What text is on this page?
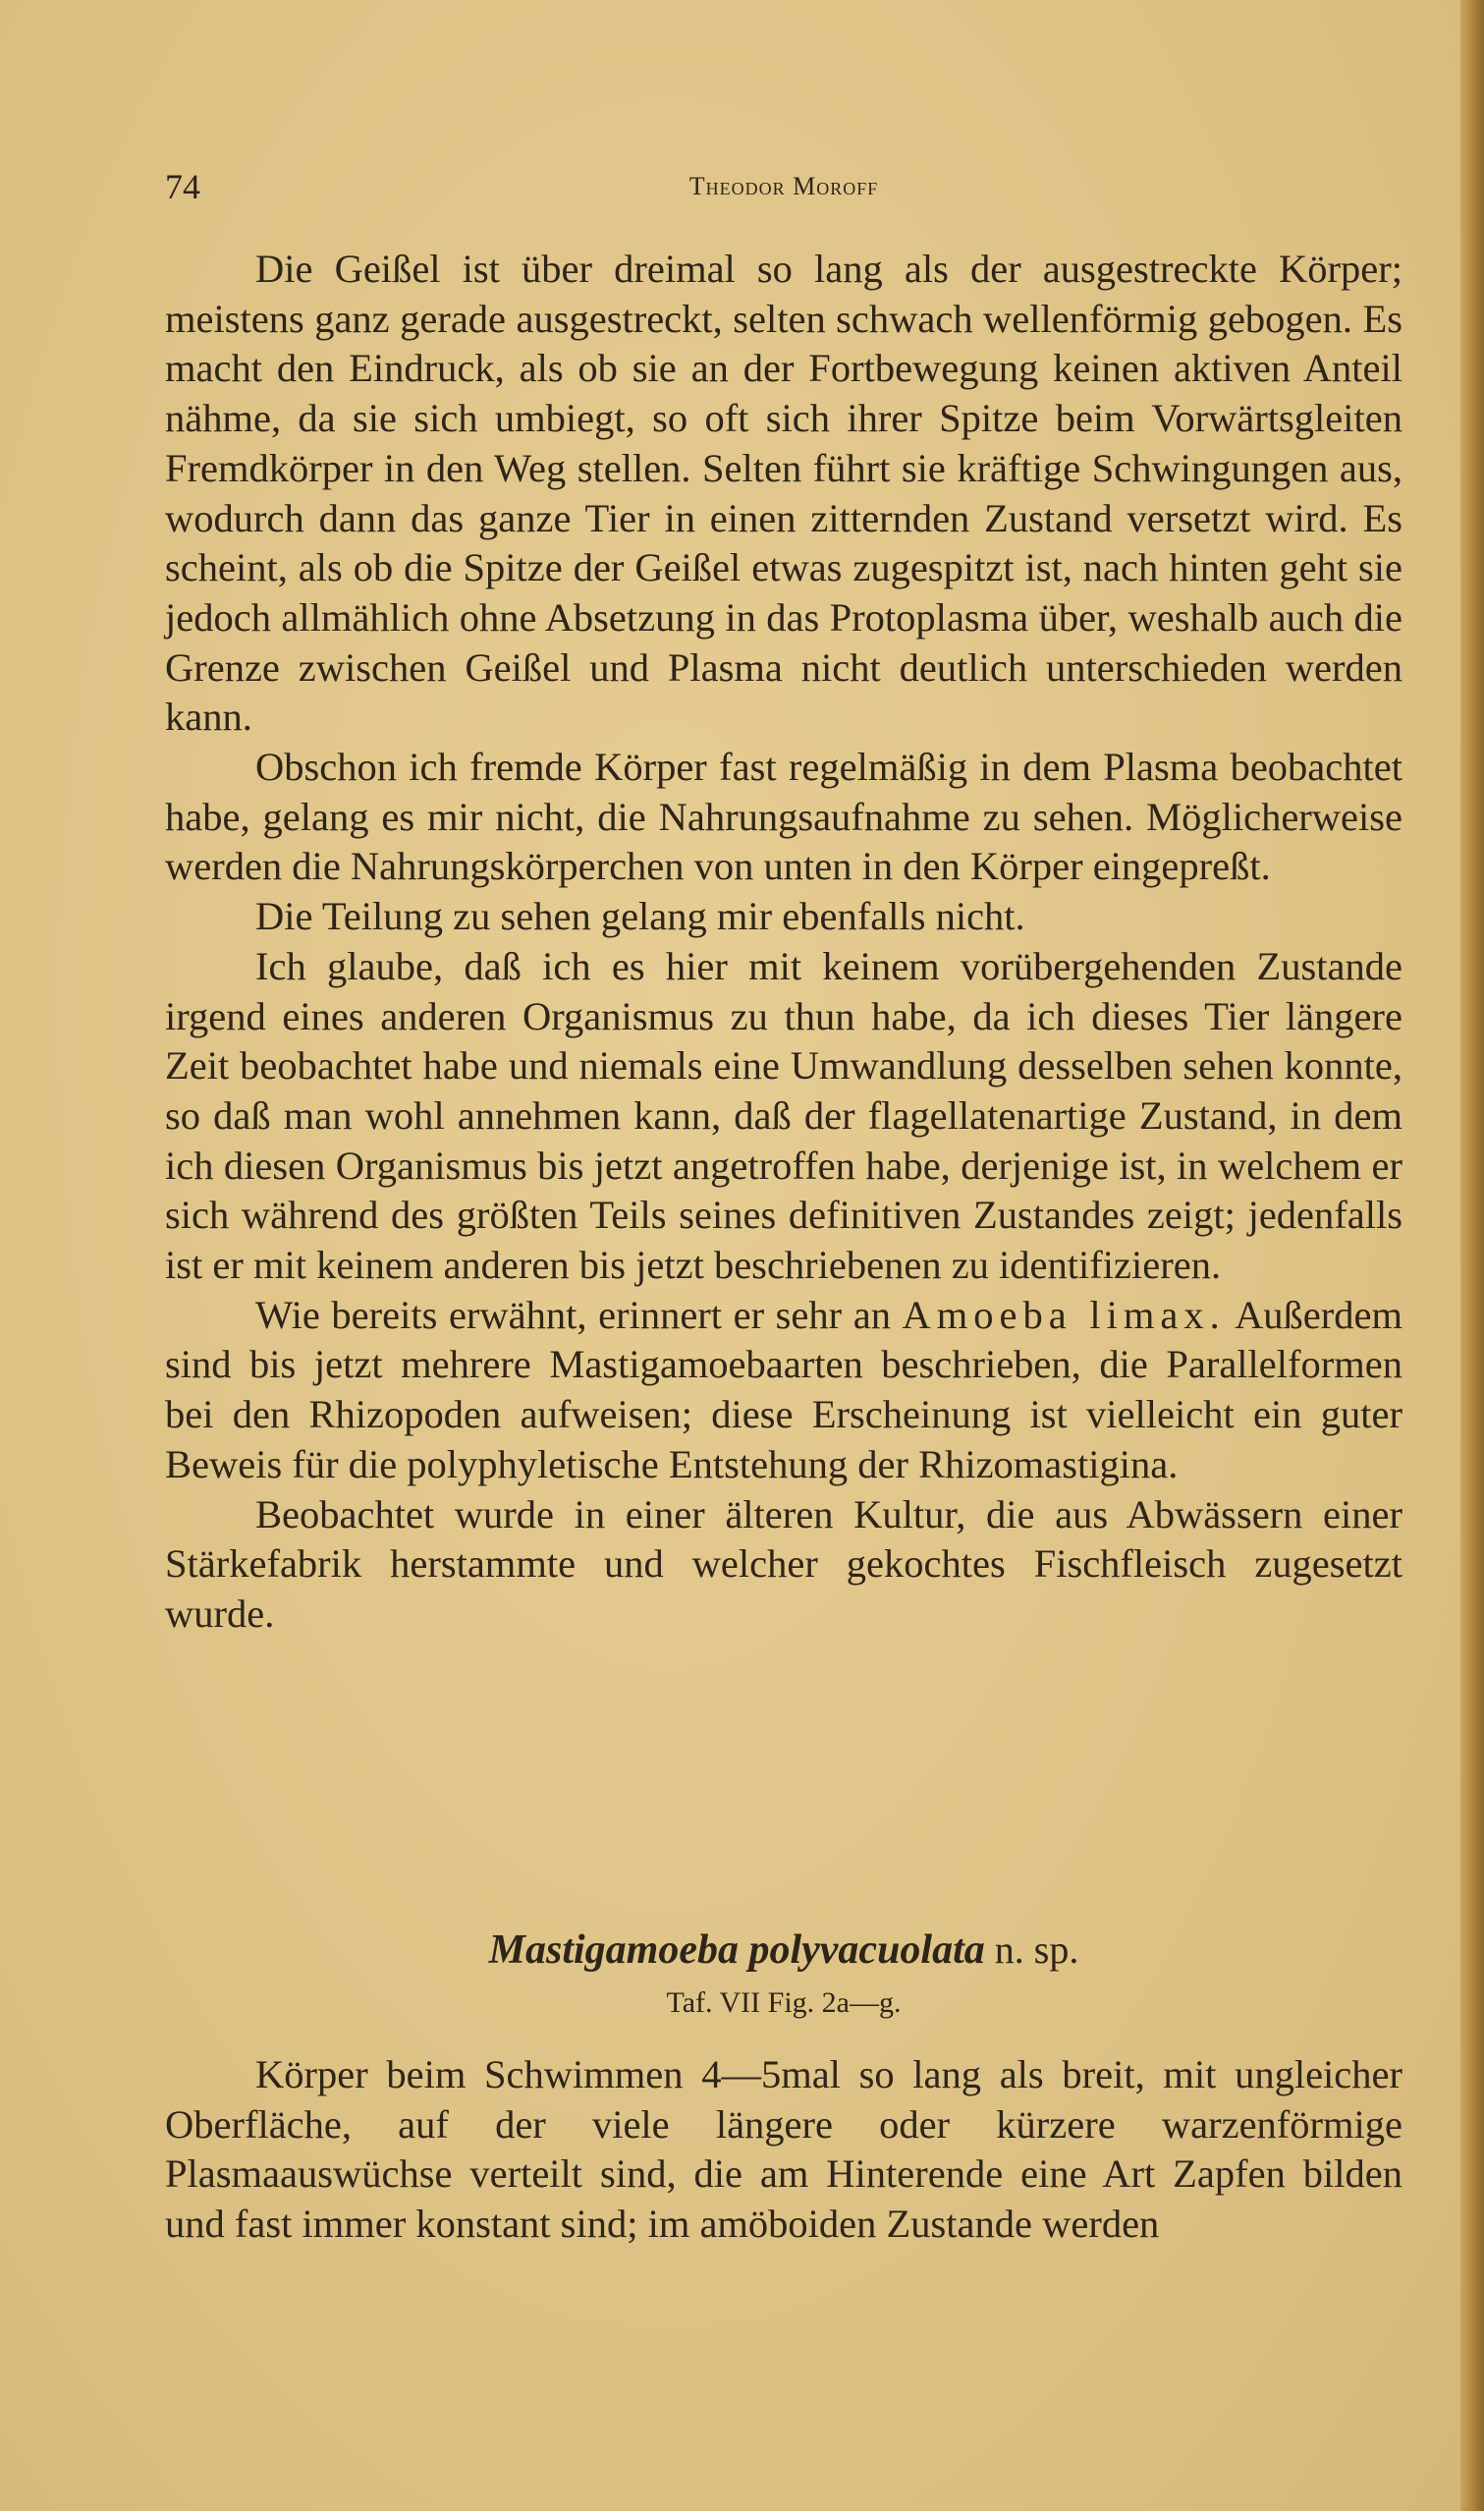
74	Theodor Moroff

Die Geißel ist über dreimal so lang als der ausgestreckte Körper; meistens ganz gerade ausgestreckt, selten schwach wellenförmig gebogen. Es macht den Eindruck, als ob sie an der Fortbewegung keinen aktiven Anteil nähme, da sie sich umbiegt, so oft sich ihrer Spitze beim Vorwärtsgleiten Fremdkörper in den Weg stellen. Selten führt sie kräftige Schwingungen aus, wodurch dann das ganze Tier in einen zitternden Zustand versetzt wird. Es scheint, als ob die Spitze der Geißel etwas zugespitzt ist, nach hinten geht sie jedoch allmählich ohne Absetzung in das Protoplasma über, weshalb auch die Grenze zwischen Geißel und Plasma nicht deutlich unterschieden werden kann.

Obschon ich fremde Körper fast regelmäßig in dem Plasma beobachtet habe, gelang es mir nicht, die Nahrungsaufnahme zu sehen. Möglicherweise werden die Nahrungskörperchen von unten in den Körper eingepreßt.

Die Teilung zu sehen gelang mir ebenfalls nicht.

Ich glaube, daß ich es hier mit keinem vorübergehenden Zustande irgend eines anderen Organismus zu thun habe, da ich dieses Tier längere Zeit beobachtet habe und niemals eine Umwandlung desselben sehen konnte, so daß man wohl annehmen kann, daß der flagellatenartige Zustand, in dem ich diesen Organismus bis jetzt angetroffen habe, derjenige ist, in welchem er sich während des größten Teils seines definitiven Zustandes zeigt; jedenfalls ist er mit keinem anderen bis jetzt beschriebenen zu identifizieren.

Wie bereits erwähnt, erinnert er sehr an Amoeba limax. Außerdem sind bis jetzt mehrere Mastigamoebaarten beschrieben, die Parallelformen bei den Rhizopoden aufweisen; diese Erscheinung ist vielleicht ein guter Beweis für die polyphyletische Entstehung der Rhizomastigina.

Beobachtet wurde in einer älteren Kultur, die aus Abwässern einer Stärkefabrik herstammte und welcher gekochtes Fischfleisch zugesetzt wurde.

Mastigamoeba polyvacuolata n. sp.
Taf. VII Fig. 2a—g.

Körper beim Schwimmen 4—5mal so lang als breit, mit ungleicher Oberfläche, auf der viele längere oder kürzere warzenförmige Plasmaauswüchse verteilt sind, die am Hinterende eine Art Zapfen bilden und fast immer konstant sind; im amöboiden Zustande werden
